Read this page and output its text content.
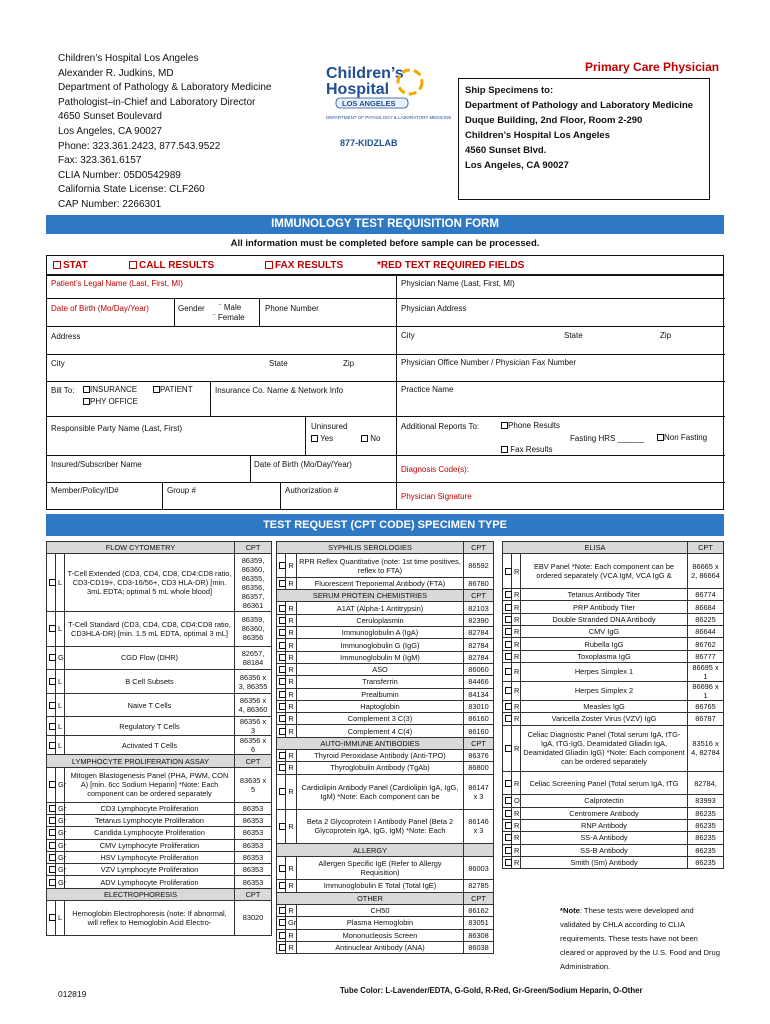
Children’s Hospital Los Angeles
Alexander R. Judkins, MD
Department of Pathology & Laboratory Medicine
Pathologist–in-Chief and Laboratory Director
4650 Sunset Boulevard
Los Angeles, CA 90027
Phone: 323.361.2423, 877.543.9522
Fax: 323.361.6157
CLIA Number: 05D0542989
California State License: CLF260
CAP Number: 2266301
Children’s
Hospital
LOS ANGELES
DEPARTMENT OF PATHOLOGY & LABORATORY MEDICINE
877-KIDZLAB
Primary Care Physician
Ship Specimens to:
Department of Pathology and Laboratory Medicine
Duque Building, 2nd Floor, Room 2-290
Children’s Hospital Los Angeles
4560 Sunset Blvd.
Los Angeles, CA 90027
IMMUNOLOGY TEST REQUISITION FORM
All information must be completed before sample can be processed.
STAT	CALL RESULTS	FAX RESULTS	*RED TEXT REQUIRED FIELDS
Patient’s Legal Name (Last, First, MI)	Physician Name (Last, First, MI)
Date of Birth (Mo/Day/Year)	Gender ¨ Male
¨ Female
Phone Number	Physician Address
Address	City	State	Zip
City	State	Zip	Physician Office Number / Physician Fax Number
Bill To:	INSURANCE	PATIENT
PHY OFFICE
Insurance Co. Name & Network Info	Practice Name
Responsible Party Name (Last, First)	Uninsured
Yes	No
Additional Reports To:	Phone Results
Fasting HRS ______	Non Fasting
Fax Results
Insured/Subscriber Name	Date of Birth (Mo/Day/Year)
Diagnosis Code(s):
Member/Policy/ID#	Group #	Authorization #
Physician Signature
TEST REQUEST (CPT CODE) SPECIMEN TYPE
FLOW CYTOMETRY			CPT
	L	T-Cell Extended (CD3, CD4, CD8, CD4:CD8 ratio, CD3-CD19+, CD3-16/56+, CD3 HLA-DR) [min. 3mL EDTA; optimal 5 mL whole blood]	86359, 86360, 86355, 86356, 86357, 86361
	L	T-Cell Standard (CD3, CD4, CD8, CD4:CD8 ratio, CD3HLA-DR) [min. 1.5 mL EDTA, optimal 3 mL]	86359, 86360, 86356
	G	CGD Flow (DHR)	82657, 88184
	L	B Cell Subsets	86356 x 3, 86355
	L	Naive T Cells	86356 x 4, 86360
	L	Regulatory T Cells	86356 x 3
	L	Activated T Cells	86356 x 6
LYMPHOCYTE PROLIFERATION ASSAY			CPT
	Gr	Mitogen Blastogenesis Panel (PHA, PWM, CON A) [min. 6cc Sodium Heparin] *Note: Each component can be ordered separately	83635 x 5
	Gr	CD3 Lymphocyte Proliferation	86353
	Gr	Tetanus Lymphocyte Proliferation	86353
	Gr	Candida Lymphocyte Proliferation	86353
	Gr	CMV Lymphocyte Proliferation	86353
	Gr	HSV Lymphocyte Proliferation	86353
	Gr	VZV Lymphocyte Proliferation	86353
	Gr	ADV Lymphocyte Proliferation	86353
ELECTROPHORESIS			CPT
	L	Hemoglobin Electrophoresis (note: If abnormal, will reflex to Hemoglobin Acid Electro-	83020
SYPHILIS SEROLOGIES			CPT
	R	RPR Reflex Quantitative (note: 1st time positives, reflex to FTA)	86592
	R	Fluorescent Treponemal Antibody (FTA)	86780
SERUM PROTEIN CHEMISTRIES			CPT
	R	A1AT (Alpha-1 Antitrypsin)	82103
	R	Ceruloplasmin	82390
	R	Immunoglobulin A (IgA)	82784
	R	Immunoglobulin G (IgG)	82784
	R	Immunoglobulin M (IgM)	82784
	R	ASO	86060
	R	Transferrin	84466
	R	Prealbumin	84134
	R	Haptoglobin	83010
	R	Complement 3 C(3)	86160
	R	Complement 4 C(4)	86160
AUTO-IMMUNE ANTIBODIES			CPT
	R	Thyroid Peroxidase Antibody (Anti-TPO)	86376
	R	Thyroglobulin Antibody (TgAb)	86800
	R	Cardiolipin Antibody Panel (Cardiolipin IgA, IgG, IgM) *Note: Each component can be	86147 x 3
	R	Beta 2 Glycoprotein I Antibody Panel (Beta 2 Glycoprotein IgA, IgG, IgM) *Note: Each	86146 x 3
ALLERGY			
	R	Allergen Specific IgE (Refer to Allergy Requisition)	86003
	R	Immunoglobulin E Total (Total IgE)	82785
OTHER			CPT
	R	CH50	86162
	Gr	Plasma Hemoglobin	83051
	R	Mononucleosis Screen	86308
	R	Antinuclear Antibody (ANA)	86038
ELISA			CPT
	R	EBV Panel *Note: Each component can be ordered separately (VCA IgM, VCA IgG &	86665 x 2, 86664
	R	Tetanus Antibody Titer	86774
	R	PRP Antibody Titer	86684
	R	Double Stranded DNA Antibody	86225
	R	CMV IgG	86644
	R	Rubella IgG	86762
	R	Toxoplasma IgG	86777
	R	Herpes Simplex 1	86695 x 1
	R	Herpes Simplex 2	86696 x 1
	R	Measles IgG	86765
	R	Varicella Zoster Virus (VZV) IgG	86787
	R	Celiac Diagnostic Panel (Total serum IgA, tTG-IgA, tTG-IgG, Deamidated Gliadin IgA, Deamidated Gliadin IgG) *Note: Each component can be ordered separately	83516 x 4, 82784
	R	Celiac Screening Panel (Total serum IgA, tTG	82784,
	O	Calprotectin	83993
	R	Centromere Antibody	86235
	R	RNP Antibody	86235
	R	SS-A Antibody	86235
	R	SS-B Antibody	86235
	R	Smith (Sm) Antibody	86235
*Note: These tests were developed and validated by CHLA according to CLIA requirements. These tests have not been cleared or approved by the U.S. Food and Drug Administration.
012819	Tube Color: L-Lavender/EDTA, G-Gold, R-Red, Gr-Green/Sodium Heparin, O-Other
